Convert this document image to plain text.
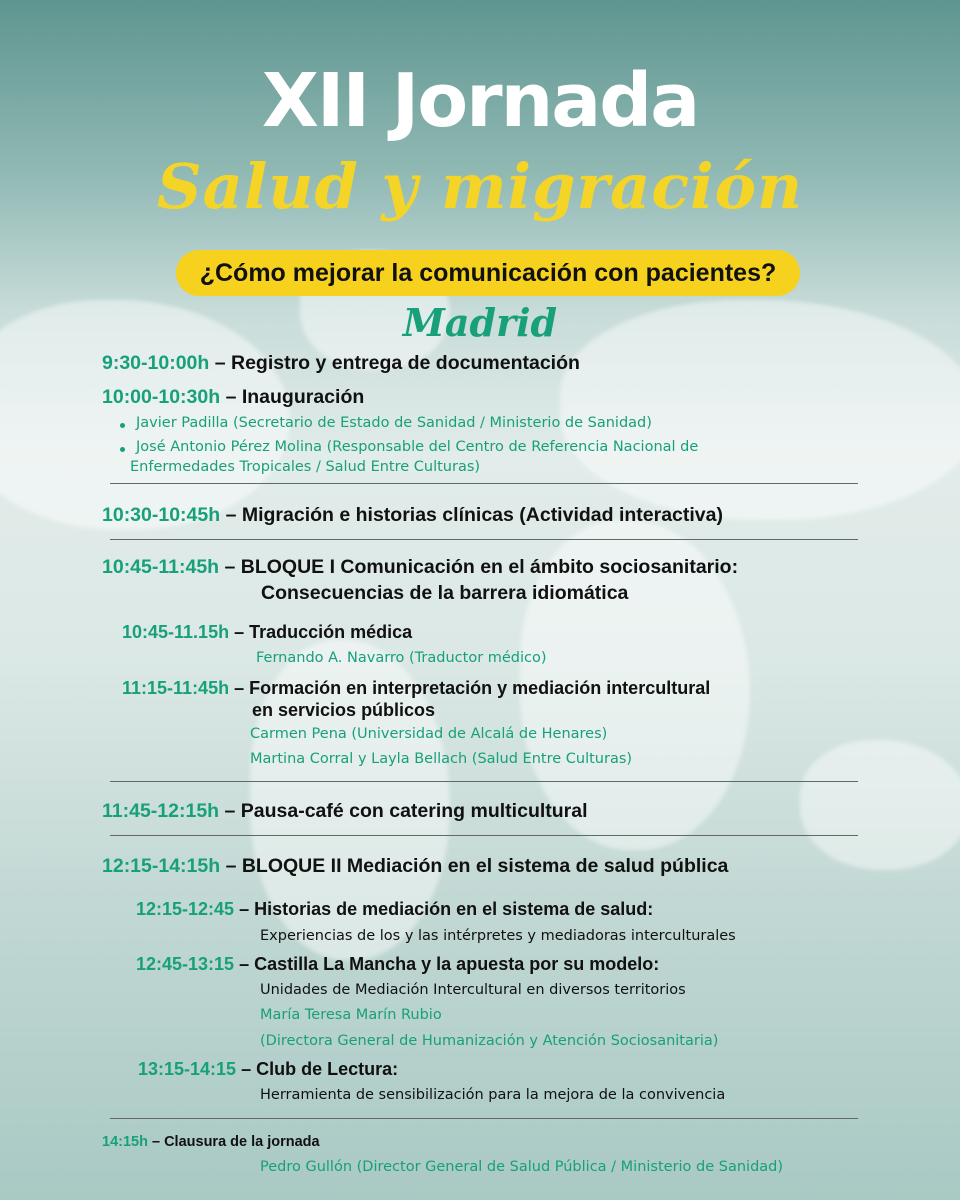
XII Jornada
Salud y migración
¿Cómo mejorar la comunicación con pacientes?
Madrid
9:30-10:00h – Registro y entrega de documentación
10:00-10:30h – Inauguración
Javier Padilla (Secretario de Estado de Sanidad / Ministerio de Sanidad)
José Antonio Pérez Molina (Responsable del Centro de Referencia Nacional de
Enfermedades Tropicales / Salud Entre Culturas)
10:30-10:45h – Migración e historias clínicas (Actividad interactiva)
10:45-11:45h – BLOQUE I Comunicación en el ámbito sociosanitario:
Consecuencias de la barrera idiomática
10:45-11.15h – Traducción médica
Fernando A. Navarro (Traductor médico)
11:15-11:45h – Formación en interpretación y mediación intercultural
en servicios públicos
Carmen Pena (Universidad de Alcalá de Henares)
Martina Corral y Layla Bellach (Salud Entre Culturas)
11:45-12:15h – Pausa-café con catering multicultural
12:15-14:15h – BLOQUE II Mediación en el sistema de salud pública
12:15-12:45 – Historias de mediación en el sistema de salud:
Experiencias de los y las intérpretes y mediadoras interculturales
12:45-13:15 – Castilla La Mancha y la apuesta por su modelo:
Unidades de Mediación Intercultural en diversos territorios
María Teresa Marín Rubio
(Directora General de Humanización y Atención Sociosanitaria)
13:15-14:15 – Club de Lectura:
Herramienta de sensibilización para la mejora de la convivencia
14:15h – Clausura de la jornada
Pedro Gullón (Director General de Salud Pública / Ministerio de Sanidad)
